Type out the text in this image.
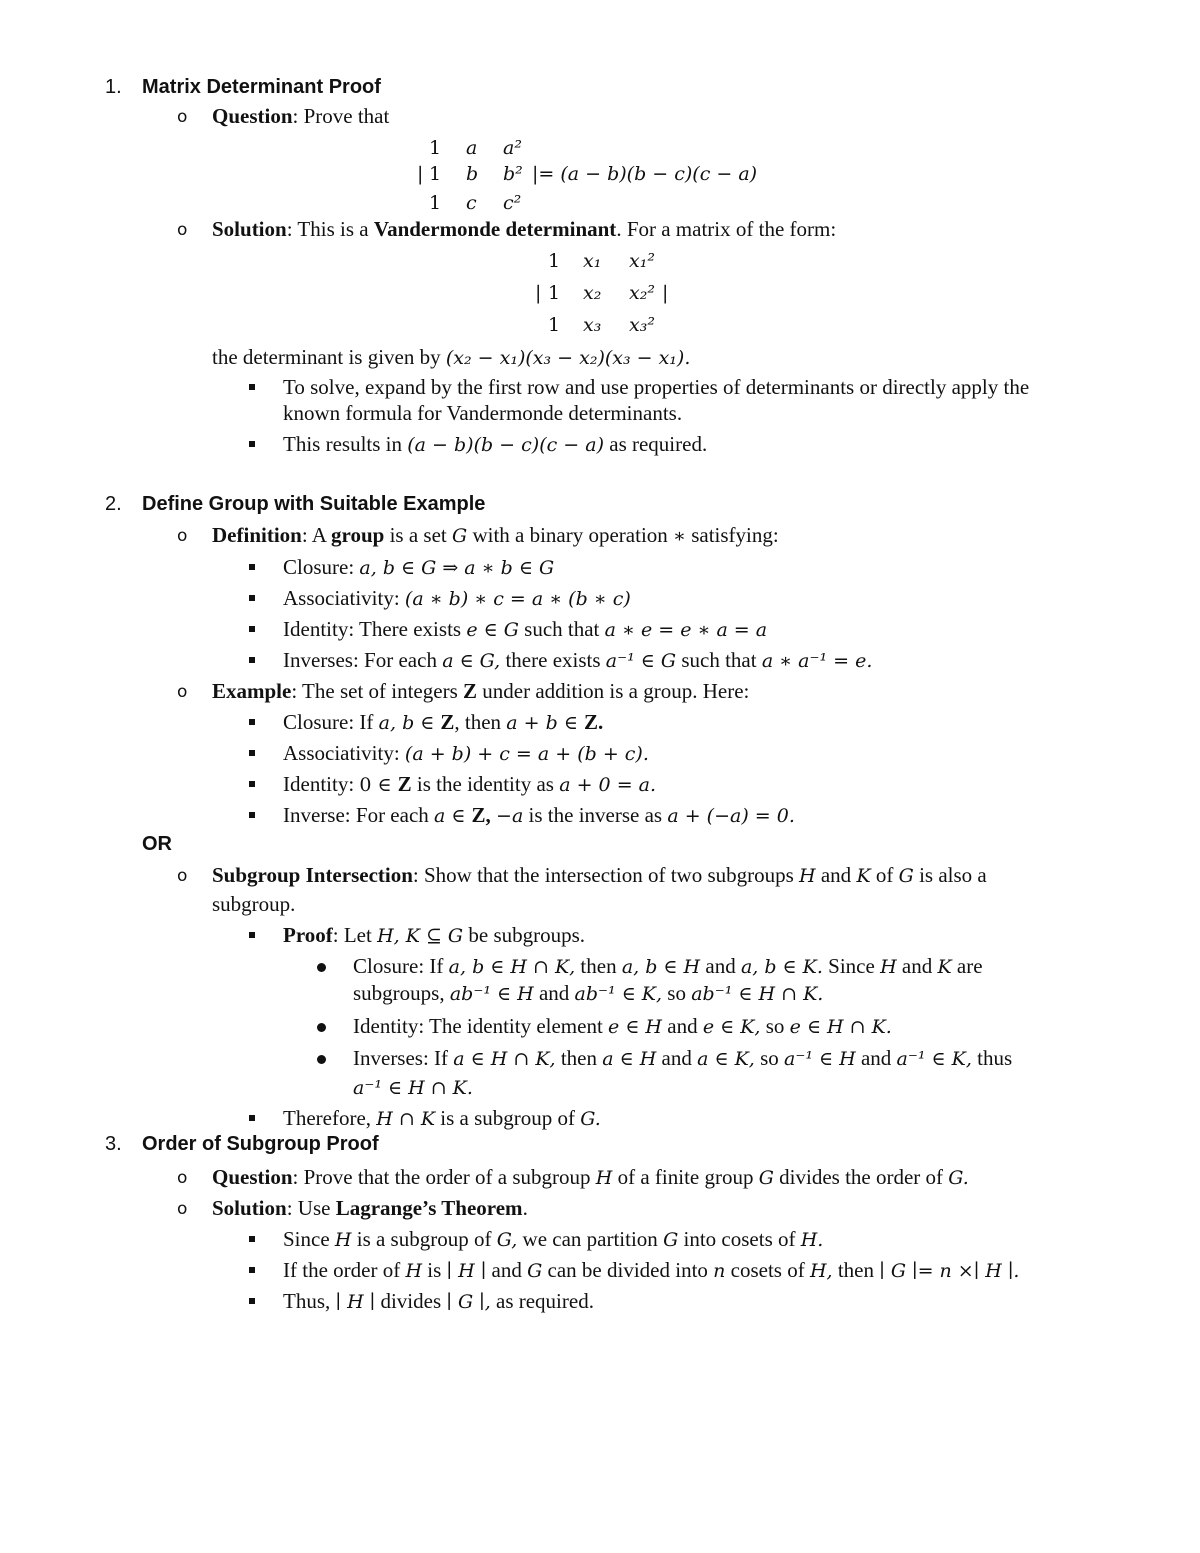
1. Matrix Determinant Proof
o Question: Prove that
1 a a²
| 1 b b² |= (a − b)(b − c)(c − a)
1 c c²
o Solution: This is a Vandermonde determinant. For a matrix of the form:
1 x₁ x₁²
| 1 x₂ x₂² |
1 x₃ x₃²
the determinant is given by (x₂ − x₁)(x₃ − x₂)(x₃ − x₁).
To solve, expand by the first row and use properties of determinants or directly apply the
known formula for Vandermonde determinants.
This results in (a − b)(b − c)(c − a) as required.
2. Define Group with Suitable Example
o Definition: A group is a set G with a binary operation ∗ satisfying:
Closure: a, b ∈ G ⇒ a ∗ b ∈ G
Associativity: (a ∗ b) ∗ c = a ∗ (b ∗ c)
Identity: There exists e ∈ G such that a ∗ e = e ∗ a = a
Inverses: For each a ∈ G, there exists a⁻¹ ∈ G such that a ∗ a⁻¹ = e.
o Example: The set of integers Z under addition is a group. Here:
Closure: If a, b ∈ Z, then a + b ∈ Z.
Associativity: (a + b) + c = a + (b + c).
Identity: 0 ∈ Z is the identity as a + 0 = a.
Inverse: For each a ∈ Z, −a is the inverse as a + (−a) = 0.
OR
o Subgroup Intersection: Show that the intersection of two subgroups H and K of G is also a
subgroup.
Proof: Let H, K ⊆ G be subgroups.
Closure: If a, b ∈ H ∩ K, then a, b ∈ H and a, b ∈ K. Since H and K are
subgroups, ab⁻¹ ∈ H and ab⁻¹ ∈ K, so ab⁻¹ ∈ H ∩ K.
Identity: The identity element e ∈ H and e ∈ K, so e ∈ H ∩ K.
Inverses: If a ∈ H ∩ K, then a ∈ H and a ∈ K, so a⁻¹ ∈ H and a⁻¹ ∈ K, thus
a⁻¹ ∈ H ∩ K.
Therefore, H ∩ K is a subgroup of G.
3. Order of Subgroup Proof
o Question: Prove that the order of a subgroup H of a finite group G divides the order of G.
o Solution: Use Lagrange’s Theorem.
Since H is a subgroup of G, we can partition G into cosets of H.
If the order of H is ∣ H ∣ and G can be divided into n cosets of H, then ∣ G ∣= n ×∣ H ∣.
Thus, ∣ H ∣ divides ∣ G ∣, as required.
